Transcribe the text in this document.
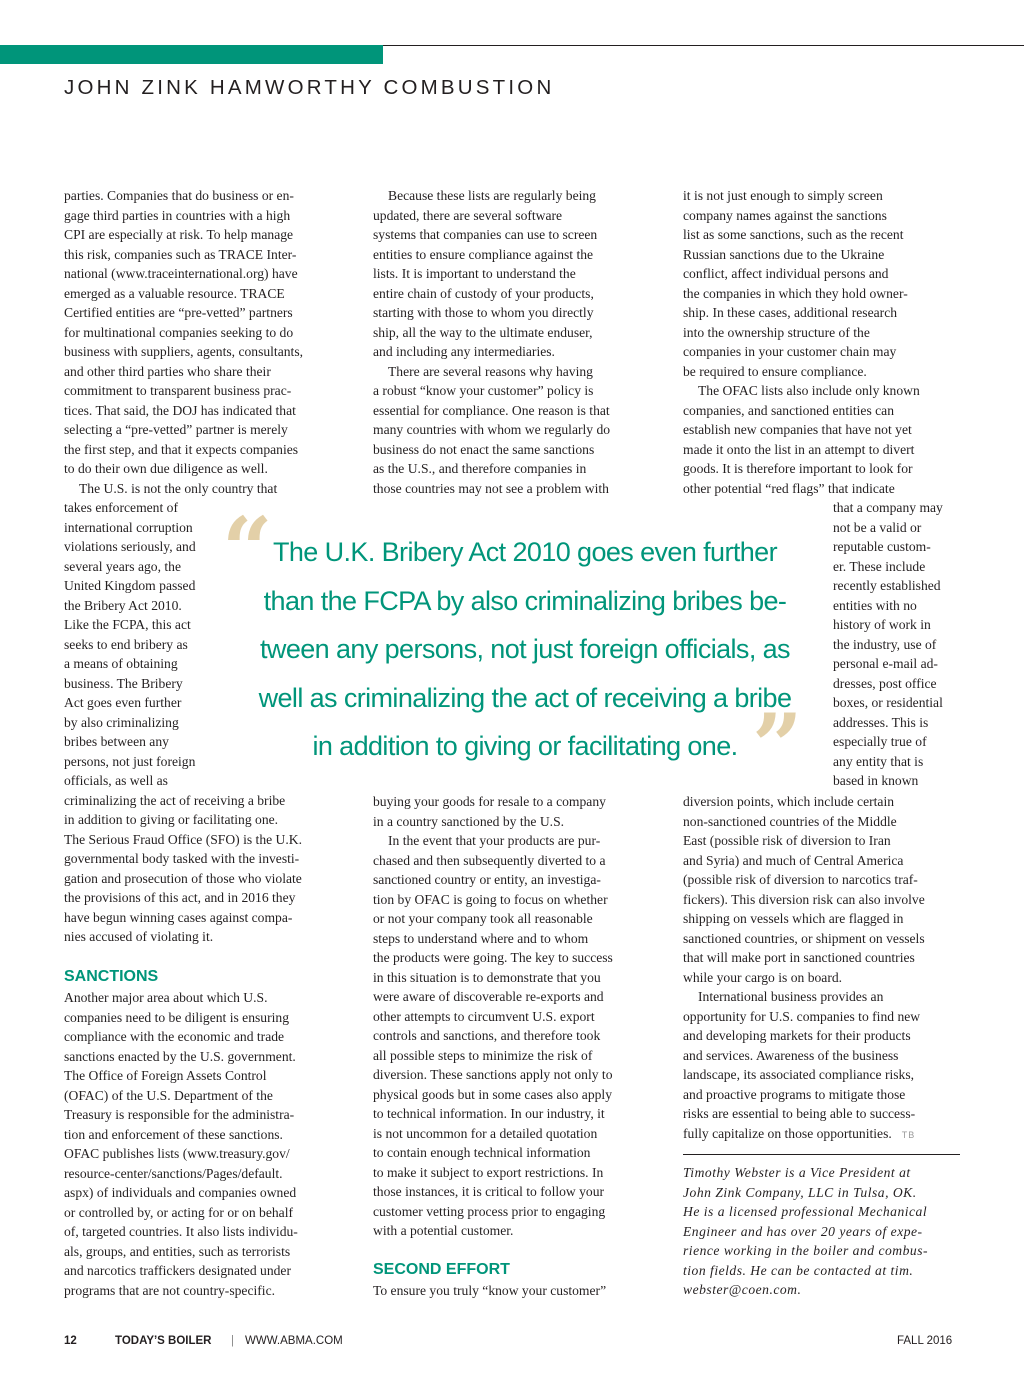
JOHN ZINK HAMWORTHY COMBUSTION
parties. Companies that do business or en-
gage third parties in countries with a high
CPI are especially at risk. To help manage
this risk, companies such as TRACE Inter-
national (www.traceinternational.org) have
emerged as a valuable resource. TRACE
Certified entities are “pre-vetted” partners
for multinational companies seeking to do
business with suppliers, agents, consultants,
and other third parties who share their
commitment to transparent business prac-
tices. That said, the DOJ has indicated that
selecting a “pre-vetted” partner is merely
the first step, and that it expects companies
to do their own due diligence as well.
The U.S. is not the only country that
takes enforcement of
international corruption
violations seriously, and
several years ago, the
United Kingdom passed
the Bribery Act 2010.
Like the FCPA, this act
seeks to end bribery as
a means of obtaining
business. The Bribery
Act goes even further
by also criminalizing
bribes between any
persons, not just foreign
officials, as well as
criminalizing the act of receiving a bribe
in addition to giving or facilitating one.
The Serious Fraud Office (SFO) is the U.K.
governmental body tasked with the investi-
gation and prosecution of those who violate
the provisions of this act, and in 2016 they
have begun winning cases against compa-
nies accused of violating it.
SANCTIONS
Another major area about which U.S.
companies need to be diligent is ensuring
compliance with the economic and trade
sanctions enacted by the U.S. government.
The Office of Foreign Assets Control
(OFAC) of the U.S. Department of the
Treasury is responsible for the administra-
tion and enforcement of these sanctions.
OFAC publishes lists (www.treasury.gov/
resource-center/sanctions/Pages/default.
aspx) of individuals and companies owned
or controlled by, or acting for or on behalf
of, targeted countries. It also lists individu-
als, groups, and entities, such as terrorists
and narcotics traffickers designated under
programs that are not country-specific.
Because these lists are regularly being
updated, there are several software
systems that companies can use to screen
entities to ensure compliance against the
lists. It is important to understand the
entire chain of custody of your products,
starting with those to whom you directly
ship, all the way to the ultimate enduser,
and including any intermediaries.
There are several reasons why having
a robust “know your customer” policy is
essential for compliance. One reason is that
many countries with whom we regularly do
business do not enact the same sanctions
as the U.S., and therefore companies in
those countries may not see a problem with
buying your goods for resale to a company
in a country sanctioned by the U.S.
In the event that your products are pur-
chased and then subsequently diverted to a
sanctioned country or entity, an investiga-
tion by OFAC is going to focus on whether
or not your company took all reasonable
steps to understand where and to whom
the products were going. The key to success
in this situation is to demonstrate that you
were aware of discoverable re-exports and
other attempts to circumvent U.S. export
controls and sanctions, and therefore took
all possible steps to minimize the risk of
diversion. These sanctions apply not only to
physical goods but in some cases also apply
to technical information. In our industry, it
is not uncommon for a detailed quotation
to contain enough technical information
to make it subject to export restrictions. In
those instances, it is critical to follow your
customer vetting process prior to engaging
with a potential customer.
SECOND EFFORT
To ensure you truly “know your customer”
it is not just enough to simply screen
company names against the sanctions
list as some sanctions, such as the recent
Russian sanctions due to the Ukraine
conflict, affect individual persons and
the companies in which they hold owner-
ship. In these cases, additional research
into the ownership structure of the
companies in your customer chain may
be required to ensure compliance.
The OFAC lists also include only known
companies, and sanctioned entities can
establish new companies that have not yet
made it onto the list in an attempt to divert
goods. It is therefore important to look for
other potential “red flags” that indicate
that a company may
not be a valid or
reputable custom-
er. These include
recently established
entities with no
history of work in
the industry, use of
personal e-mail ad-
dresses, post office
boxes, or residential
addresses. This is
especially true of
any entity that is
based in known
diversion points, which include certain
non-sanctioned countries of the Middle
East (possible risk of diversion to Iran
and Syria) and much of Central America
(possible risk of diversion to narcotics traf-
fickers). This diversion risk can also involve
shipping on vessels which are flagged in
sanctioned countries, or shipment on vessels
that will make port in sanctioned countries
while your cargo is on board.
International business provides an
opportunity for U.S. companies to find new
and developing markets for their products
and services. Awareness of the business
landscape, its associated compliance risks,
and proactive programs to mitigate those
risks are essential to being able to success-
fully capitalize on those opportunities. TB
Timothy Webster is a Vice President at
John Zink Company, LLC in Tulsa, OK.
He is a licensed professional Mechanical
Engineer and has over 20 years of expe-
rience working in the boiler and combus-
tion fields. He can be contacted at tim.
webster@coen.com.
“
”
The U.K. Bribery Act 2010 goes even further
than the FCPA by also criminalizing bribes be-
tween any persons, not just foreign officials, as
well as criminalizing the act of receiving a bribe
in addition to giving or facilitating one.
12	TODAY’S BOILER | WWW.ABMA.COM	FALL 2016
